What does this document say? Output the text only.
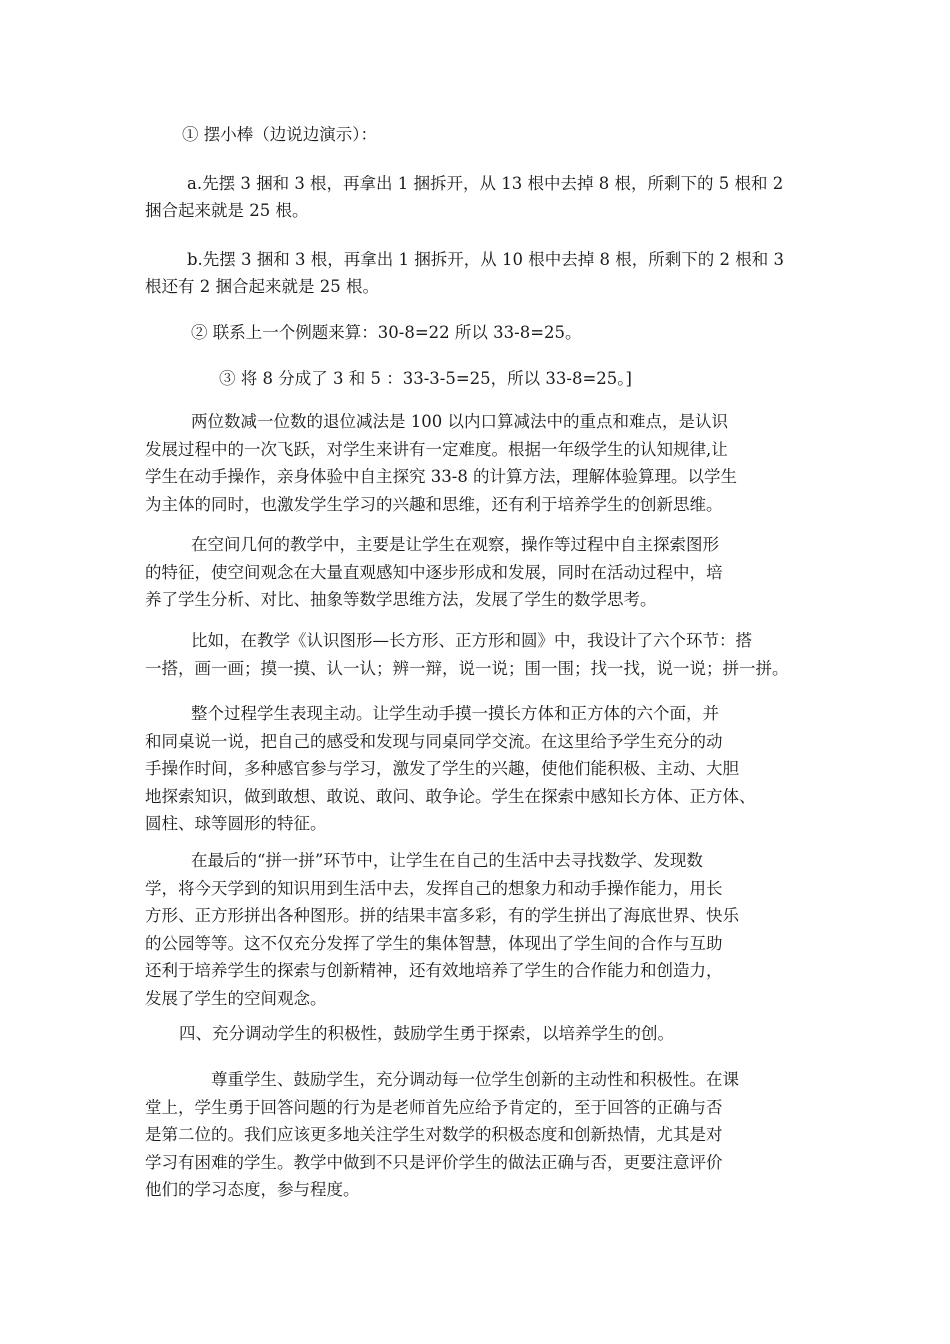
① 摆小棒（边说边演示）：
a.先摆 3 捆和 3 根，再拿出 1 捆拆开，从 13 根中去掉 8 根，所剩下的 5 根和 2
捆合起来就是 25 根。
b.先摆 3 捆和 3 根，再拿出 1 捆拆开，从 10 根中去掉 8 根，所剩下的 2 根和 3
根还有 2 捆合起来就是 25 根。
② 联系上一个例题来算：30-8=22 所以 33-8=25。
③ 将 8 分成了 3 和 5 ：33-3-5=25，所以 33-8=25。]
两位数减一位数的退位减法是 100 以内口算减法中的重点和难点，是认识
发展过程中的一次飞跃，对学生来讲有一定难度。根据一年级学生的认知规律,让
学生在动手操作，亲身体验中自主探究 33-8 的计算方法，理解体验算理。以学生
为主体的同时，也激发学生学习的兴趣和思维，还有利于培养学生的创新思维。
在空间几何的教学中，主要是让学生在观察，操作等过程中自主探索图形
的特征，使空间观念在大量直观感知中逐步形成和发展，同时在活动过程中，培
养了学生分析、对比、抽象等数学思维方法，发展了学生的数学思考。
比如，在教学《认识图形—长方形、正方形和圆》中，我设计了六个环节：搭
一搭，画一画；摸一摸、认一认；辨一辩，说一说；围一围；找一找，说一说；拼一拼。
整个过程学生表现主动。让学生动手摸一摸长方体和正方体的六个面，并
和同桌说一说，把自己的感受和发现与同桌同学交流。在这里给予学生充分的动
手操作时间，多种感官参与学习，激发了学生的兴趣，使他们能积极、主动、大胆
地探索知识，做到敢想、敢说、敢问、敢争论。学生在探索中感知长方体、正方体、
圆柱、球等圆形的特征。
在最后的“拼一拼”环节中，让学生在自己的生活中去寻找数学、发现数
学，将今天学到的知识用到生活中去，发挥自己的想象力和动手操作能力，用长
方形、正方形拼出各种图形。拼的结果丰富多彩，有的学生拼出了海底世界、快乐
的公园等等。这不仅充分发挥了学生的集体智慧，体现出了学生间的合作与互助
还利于培养学生的探索与创新精神，还有效地培养了学生的合作能力和创造力，
发展了学生的空间观念。
四、充分调动学生的积极性，鼓励学生勇于探索，以培养学生的创。
尊重学生、鼓励学生，充分调动每一位学生创新的主动性和积极性。在课
堂上，学生勇于回答问题的行为是老师首先应给予肯定的，至于回答的正确与否
是第二位的。我们应该更多地关注学生对数学的积极态度和创新热情，尤其是对
学习有困难的学生。教学中做到不只是评价学生的做法正确与否，更要注意评价
他们的学习态度，参与程度。
